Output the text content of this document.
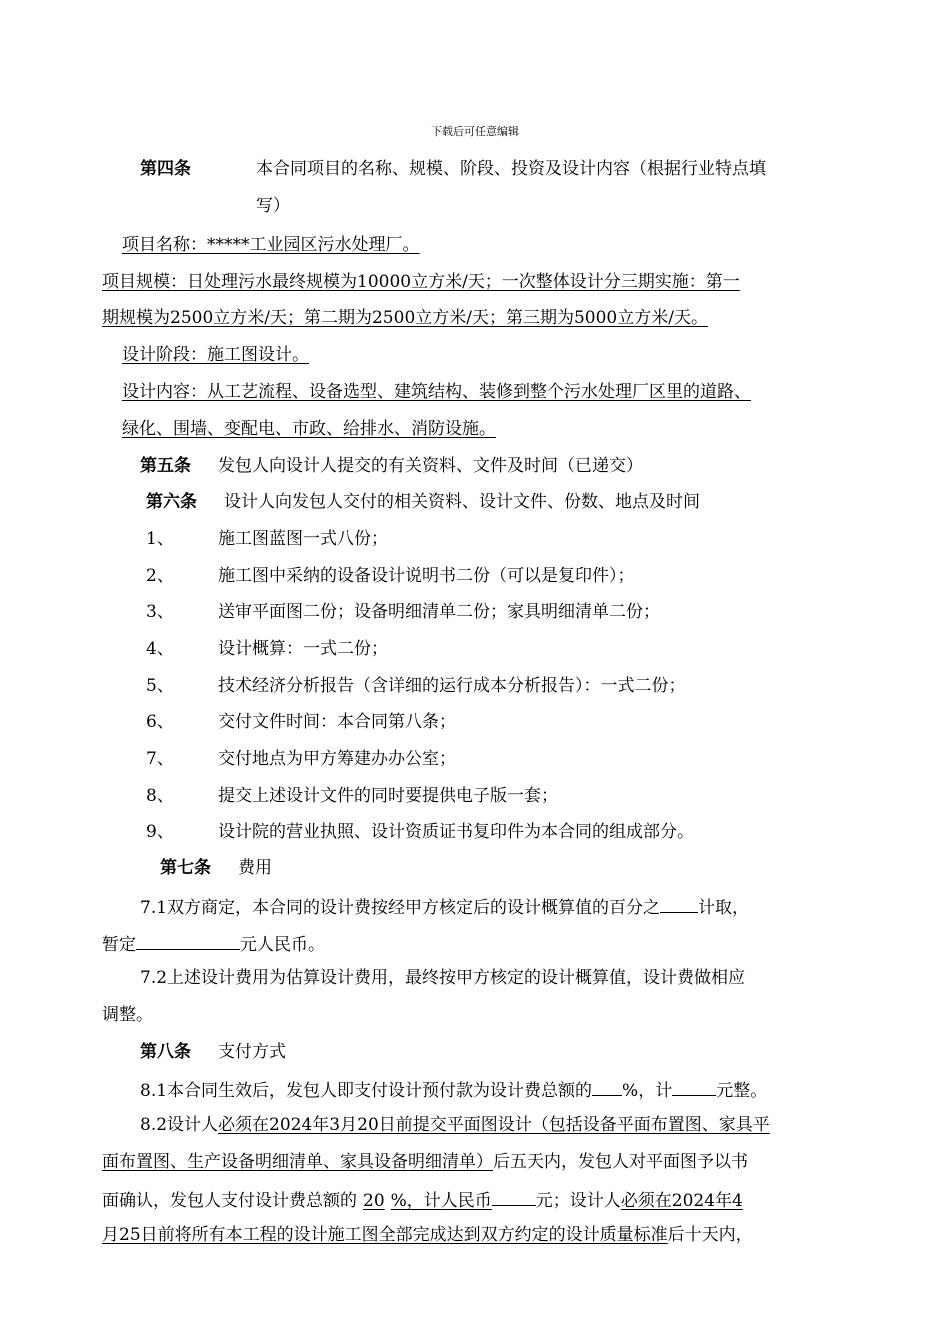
下载后可任意编辑
第四条	本合同项目的名称、规模、阶段、投资及设计内容（根据行业特点填
写）
项目名称：*****工业园区污水处理厂。
项目规模：日处理污水最终规模为10000立方米/天；一次整体设计分三期实施：第一
期规模为2500立方米/天；第二期为2500立方米/天；第三期为5000立方米/天。
设计阶段：施工图设计。
设计内容：从工艺流程、设备选型、建筑结构、装修到整个污水处理厂区里的道路、
绿化、围墙、变配电、市政、给排水、消防设施。
第五条 发包人向设计人提交的有关资料、文件及时间（已递交）
第六条 设计人向发包人交付的相关资料、设计文件、份数、地点及时间
1、	施工图蓝图一式八份；
2、	施工图中采纳的设备设计说明书二份（可以是复印件）；
3、	送审平面图二份；设备明细清单二份；家具明细清单二份；
4、	设计概算：一式二份；
5、	技术经济分析报告（含详细的运行成本分析报告）：一式二份；
6、	交付文件时间：本合同第八条；
7、	交付地点为甲方筹建办办公室；
8、	提交上述设计文件的同时要提供电子版一套；
9、	设计院的营业执照、设计资质证书复印件为本合同的组成部分。
第七条 费用
7.1双方商定，本合同的设计费按经甲方核定后的设计概算值的百分之 计取，
暂定	元人民币。
7.2上述设计费用为估算设计费用，最终按甲方核定的设计概算值，设计费做相应
调整。
第八条 支付方式
8.1本合同生效后，发包人即支付设计预付款为设计费总额的 %，计	元整。
8.2设计人必须在2024年3月20日前提交平面图设计（包括设备平面布置图、家具平
面布置图、生产设备明细清单、家具设备明细清单）后五天内，发包人对平面图予以书
面确认，发包人支付设计费总额的 20 %，计人民币	元；设计人必须在2024年4
月25日前将所有本工程的设计施工图全部完成达到双方约定的设计质量标准后十天内，
